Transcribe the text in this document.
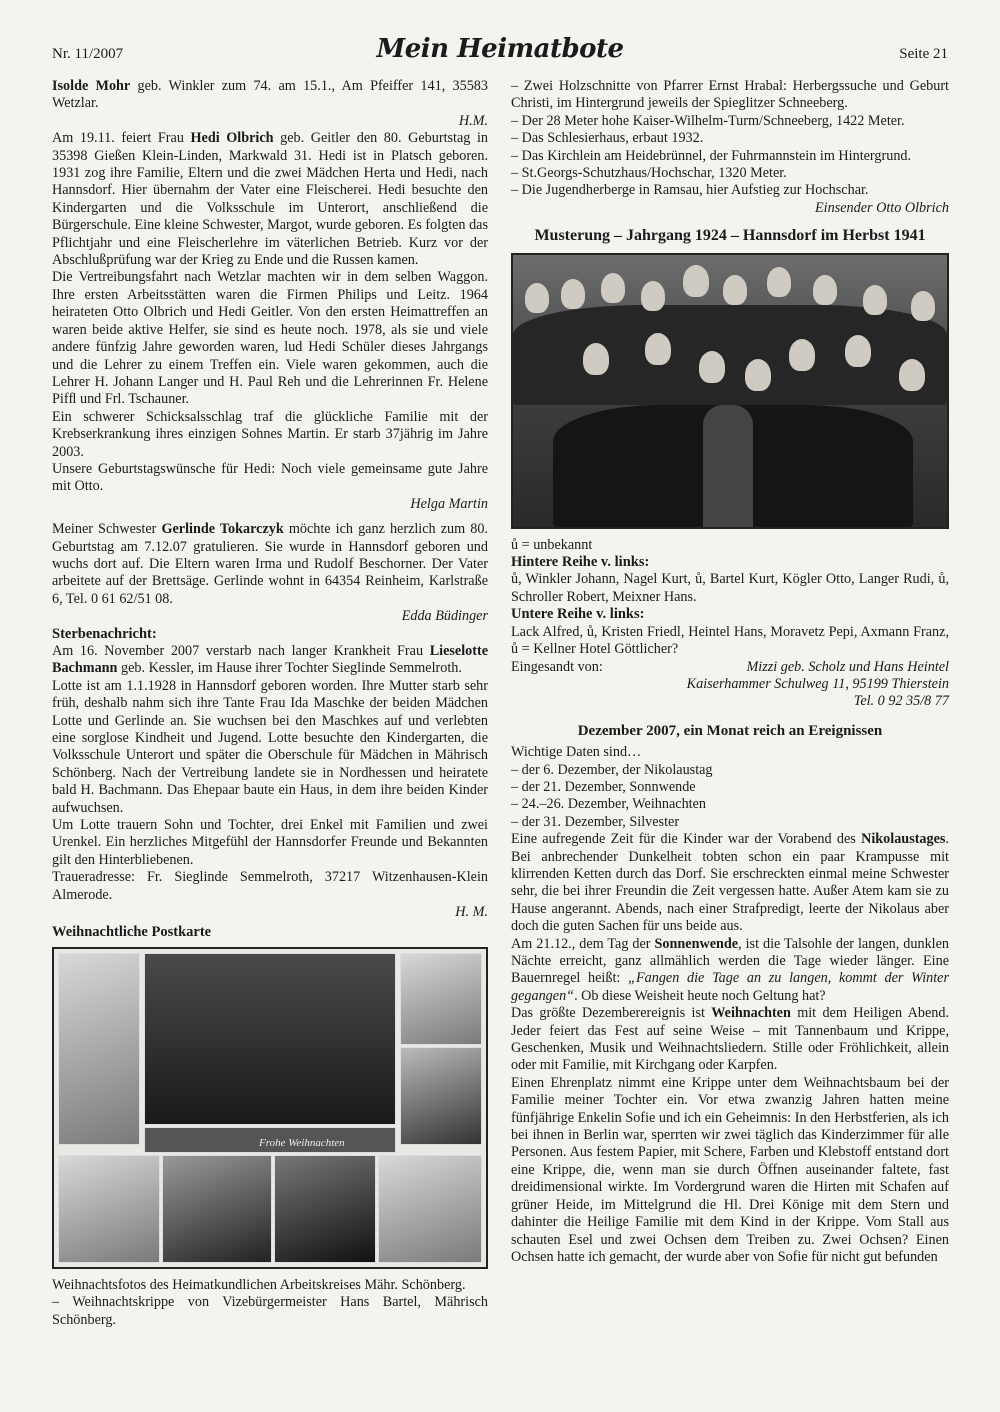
Nr. 11/2007	Mein Heimatbote	Seite 21

Isolde Mohr geb. Winkler zum 74. am 15.1., Am Pfeiffer 141, 35583 Wetzlar.

H.M.

Am 19.11. feiert Frau Hedi Olbrich geb. Geitler den 80. Geburtstag in 35398 Gießen Klein-Linden, Markwald 31. Hedi ist in Platsch geboren. 1931 zog ihre Familie, Eltern und die zwei Mädchen Herta und Hedi, nach Hannsdorf. Hier übernahm der Vater eine Fleischerei. Hedi besuchte den Kindergarten und die Volksschule im Unterort, anschließend die Bürgerschule. Eine kleine Schwester, Margot, wurde geboren. Es folgten das Pflichtjahr und eine Fleischerlehre im väterlichen Betrieb. Kurz vor der Abschlußprüfung war der Krieg zu Ende und die Russen kamen.

Die Vertreibungsfahrt nach Wetzlar machten wir in dem selben Waggon. Ihre ersten Arbeitsstätten waren die Firmen Philips und Leitz. 1964 heirateten Otto Olbrich und Hedi Geitler. Von den ersten Heimattreffen an waren beide aktive Helfer, sie sind es heute noch. 1978, als sie und viele andere fünfzig Jahre geworden waren, lud Hedi Schüler dieses Jahrgangs und die Lehrer zu einem Treffen ein. Viele waren gekommen, auch die Lehrer H. Johann Langer und H. Paul Reh und die Lehrerinnen Fr. Helene Pifﬂ und Frl. Tschauner.

Ein schwerer Schicksalsschlag traf die glückliche Familie mit der Krebserkrankung ihres einzigen Sohnes Martin. Er starb 37jährig im Jahre 2003.

Unsere Geburtstagswünsche für Hedi: Noch viele gemeinsame gute Jahre mit Otto.

Helga Martin

Meiner Schwester Gerlinde Tokarczyk möchte ich ganz herzlich zum 80. Geburtstag am 7.12.07 gratulieren. Sie wurde in Hannsdorf geboren und wuchs dort auf. Die Eltern waren Irma und Rudolf Beschorner. Der Vater arbeitete auf der Brettsäge. Gerlinde wohnt in 64354 Reinheim, Karlstraße 6, Tel. 0 61 62/51 08.

Edda Büdinger

Sterbenachricht:

Am 16. November 2007 verstarb nach langer Krankheit Frau Lieselotte Bachmann geb. Kessler, im Hause ihrer Tochter Sieglinde Semmelroth.

Lotte ist am 1.1.1928 in Hannsdorf geboren worden. Ihre Mutter starb sehr früh, deshalb nahm sich ihre Tante Frau Ida Maschke der beiden Mädchen Lotte und Gerlinde an. Sie wuchsen bei den Maschkes auf und verlebten eine sorglose Kindheit und Jugend. Lotte besuchte den Kindergarten, die Volksschule Unterort und später die Oberschule für Mädchen in Mährisch Schönberg. Nach der Vertreibung landete sie in Nordhessen und heiratete bald H. Bachmann. Das Ehepaar baute ein Haus, in dem ihre beiden Kinder aufwuchsen.

Um Lotte trauern Sohn und Tochter, drei Enkel mit Familien und zwei Urenkel. Ein herzliches Mitgefühl der Hannsdorfer Freunde und Bekannten gilt den Hinterbliebenen.

Traueradresse: Fr. Sieglinde Semmelroth, 37217 Witzenhausen-Klein Almerode.

H. M.

Weihnachtliche Postkarte

Frohe Weihnachten

Weihnachtsfotos des Heimatkundlichen Arbeitskreises Mähr. Schönberg.

– Weihnachtskrippe von Vizebürgermeister Hans Bartel, Mährisch Schönberg.

– Zwei Holzschnitte von Pfarrer Ernst Hrabal: Herbergssuche und Geburt Christi, im Hintergrund jeweils der Spieglitzer Schneeberg.

– Der 28 Meter hohe Kaiser-Wilhelm-Turm/Schneeberg, 1422 Meter.

– Das Schlesierhaus, erbaut 1932.

– Das Kirchlein am Heidebrünnel, der Fuhrmannstein im Hintergrund.

– St.Georgs-Schutzhaus/Hochschar, 1320 Meter.

– Die Jugendherberge in Ramsau, hier Aufstieg zur Hochschar.

Einsender Otto Olbrich

Musterung – Jahrgang 1924 – Hannsdorf im Herbst 1941

ů = unbekannt

Hintere Reihe v. links:

ů, Winkler Johann, Nagel Kurt, ů, Bartel Kurt, Kögler Otto, Langer Rudi, ů, Schroller Robert, Meixner Hans.

Untere Reihe v. links:

Lack Alfred, ů, Kristen Friedl, Heintel Hans, Moravetz Pepi, Axmann Franz, ů = Kellner Hotel Göttlicher?

Eingesandt von:	Mizzi geb. Scholz und Hans Heintel

Kaiserhammer Schulweg 11, 95199 Thierstein

Tel. 0 92 35/8 77

Dezember 2007, ein Monat reich an Ereignissen

Wichtige Daten sind…

– der 6. Dezember, der Nikolaustag

– der 21. Dezember, Sonnwende

– 24.–26. Dezember, Weihnachten

– der 31. Dezember, Silvester

Eine aufregende Zeit für die Kinder war der Vorabend des Nikolaustages. Bei anbrechender Dunkelheit tobten schon ein paar Krampusse mit klirrenden Ketten durch das Dorf. Sie erschreckten einmal meine Schwester sehr, die bei ihrer Freundin die Zeit vergessen hatte. Außer Atem kam sie zu Hause angerannt. Abends, nach einer Strafpredigt, leerte der Nikolaus aber doch die guten Sachen für uns beide aus.

Am 21.12., dem Tag der Sonnenwende, ist die Talsohle der langen, dunklen Nächte erreicht, ganz allmählich werden die Tage wieder länger. Eine Bauernregel heißt: „Fangen die Tage an zu langen, kommt der Winter gegangen“. Ob diese Weisheit heute noch Geltung hat?

Das größte Dezemberereignis ist Weihnachten mit dem Heiligen Abend. Jeder feiert das Fest auf seine Weise – mit Tannenbaum und Krippe, Geschenken, Musik und Weihnachtsliedern. Stille oder Fröhlichkeit, allein oder mit Familie, mit Kirchgang oder Karpfen.

Einen Ehrenplatz nimmt eine Krippe unter dem Weihnachtsbaum bei der Familie meiner Tochter ein. Vor etwa zwanzig Jahren hatten meine fünfjährige Enkelin Sofie und ich ein Geheimnis: In den Herbstferien, als ich bei ihnen in Berlin war, sperrten wir zwei täglich das Kinderzimmer für alle Personen. Aus festem Papier, mit Schere, Farben und Klebstoff entstand dort eine Krippe, die, wenn man sie durch Öffnen auseinander faltete, fast dreidimensional wirkte. Im Vordergrund waren die Hirten mit Schafen auf grüner Heide, im Mittelgrund die Hl. Drei Könige mit dem Stern und dahinter die Heilige Familie mit dem Kind in der Krippe. Vom Stall aus schauten Esel und zwei Ochsen dem Treiben zu. Zwei Ochsen? Einen Ochsen hatte ich gemacht, der wurde aber von Sofie für nicht gut befunden
